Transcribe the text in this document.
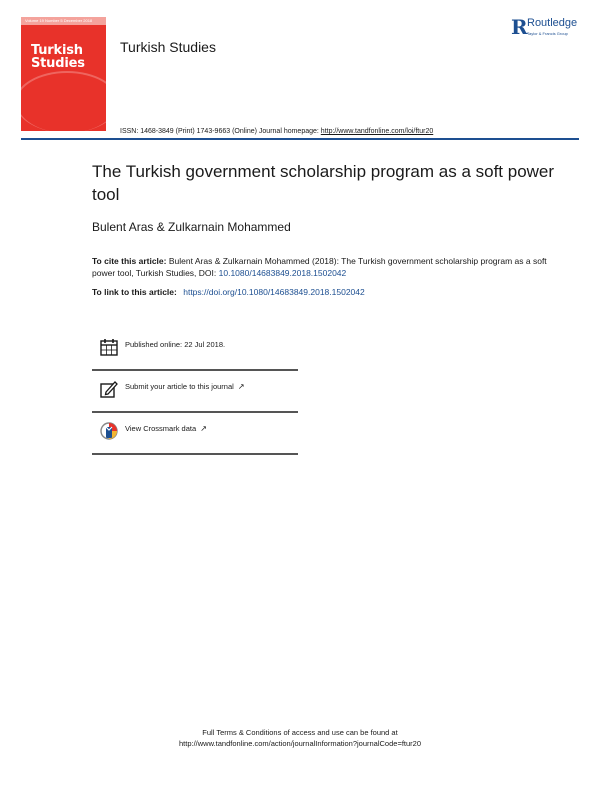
Volume 19 Number 5 December 2018
Turkish
Studies
Turkish Studies
R Routledge
Taylor & Francis Group
ISSN: 1468-3849 (Print) 1743-9663 (Online) Journal homepage: http://www.tandfonline.com/loi/ftur20
The Turkish government scholarship program as a soft power tool
Bulent Aras & Zulkarnain Mohammed
To cite this article: Bulent Aras & Zulkarnain Mohammed (2018): The Turkish government scholarship program as a soft power tool, Turkish Studies, DOI: 10.1080/14683849.2018.1502042
To link to this article: https://doi.org/10.1080/14683849.2018.1502042
Published online: 22 Jul 2018.
Submit your article to this journal ↗
View Crossmark data ↗
Full Terms & Conditions of access and use can be found at
http://www.tandfonline.com/action/journalInformation?journalCode=ftur20
